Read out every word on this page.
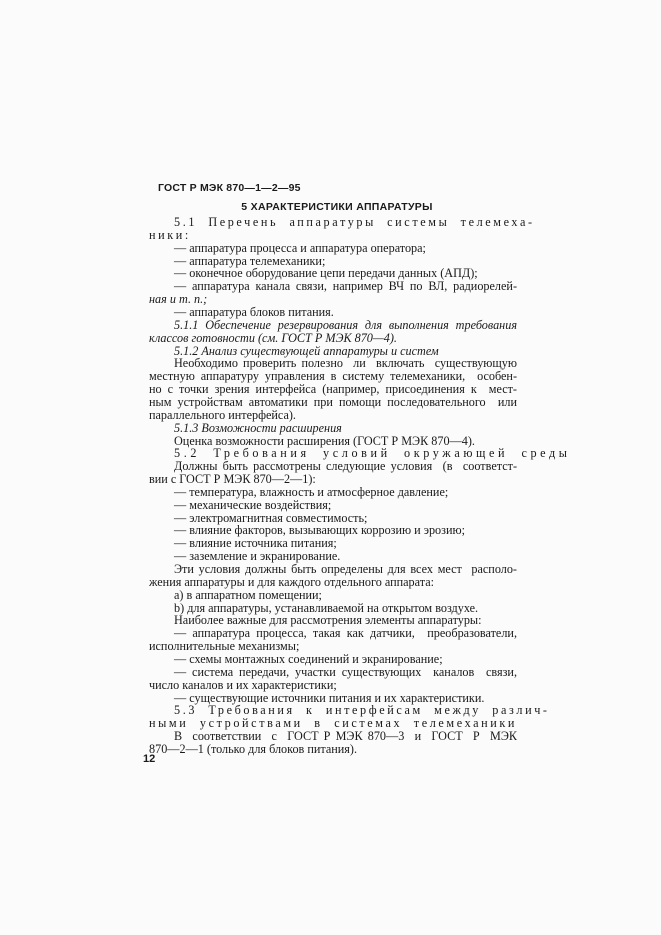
ГОСТ Р МЭК 870—1—2—95
5 ХАРАКТЕРИСТИКИ АППАРАТУРЫ
5.1  Перечень  аппаратуры  системы  телемеха-
ники:
— аппаратура процесса и аппаратура оператора;
— аппаратура телемеханики;
— оконечное оборудование цепи передачи данных (АПД);
— аппаратура канала связи, например ВЧ по ВЛ, радиорелей-
ная и т. п.;
— аппаратура блоков питания.
5.1.1 Обеспечение резервирования для выполнения требования
классов готовности (см. ГОСТ Р МЭК 870—4).
5.1.2 Анализ существующей аппаратуры и систем
Необходимо проверить полезно  ли  включать  существующую
местную аппаратуру управления в систему телемеханики,  особен-
но с точки зрения интерфейса (например, присоединения к  мест-
ным устройствам автоматики при помощи последовательного  или
параллельного интерфейса).
5.1.3 Возможности расширения
Оценка возможности расширения (ГОСТ Р МЭК 870—4).
5.2  Требования  условий  окружающей  среды
Должны быть рассмотрены следующие условия  (в  соответст-
вии с ГОСТ Р МЭК 870—2—1):
— температура, влажность и атмосферное давление;
— механические воздействия;
— электромагнитная совместимость;
— влияние факторов, вызывающих коррозию и эрозию;
— влияние источника питания;
— заземление и экранирование.
Эти условия должны быть определены для всех мест  располо-
жения аппаратуры и для каждого отдельного аппарата:
а) в аппаратном помещении;
b) для аппаратуры, устанавливаемой на открытом воздухе.
Наиболее важные для рассмотрения элементы аппаратуры:
— аппаратура процесса, такая как датчики,  преобразователи,
исполнительные механизмы;
— схемы монтажных соединений и экранирование;
— система передачи, участки существующих  каналов  связи,
число каналов и их характеристики;
— существующие источники питания и их характеристики.
5.3  Требования  к  интерфейсам  между  различ-
ными  устройствами  в  системах  телемеханики
В  соответствии  с  ГОСТ Р МЭК 870—3  и  ГОСТ  Р  МЭК
870—2—1 (только для блоков питания).
12
